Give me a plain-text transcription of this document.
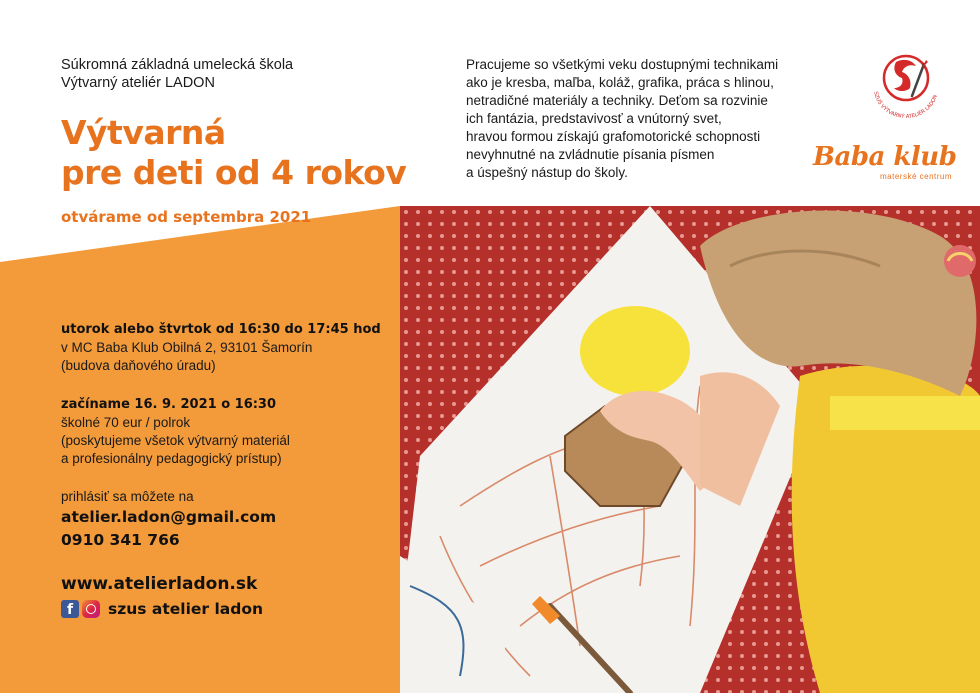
Súkromná základná umelecká škola
Výtvarný ateliér LADON
Výtvarná
pre deti od 4 rokov
otvárame od septembra 2021
Pracujeme so všetkými veku dostupnými technikami
ako je kresba, maľba, koláž, grafika, práca s hlinou,
netradičné materiály a techniky. Deťom sa rozvinie
ich fantázia, predstavivosť a vnútorný svet,
hravou formou získajú grafomotorické schopnosti
nevyhnutné na zvládnutie písania písmen
a úspešný nástup do školy.
SZUŠ VÝTVARNÝ ATELIÉR LADON
Baba klub
materské centrum
utorok alebo štvrtok od 16:30 do 17:45 hod
v MC Baba Klub Obilná 2, 93101 Šamorín
(budova daňového úradu)
začíname 16. 9. 2021 o 16:30
školné 70 eur / polrok
(poskytujeme všetok výtvarný materiál
a profesionálny pedagogický prístup)
prihlásiť sa môžete na
atelier.ladon@gmail.com
0910 341 766
www.atelierladon.sk
f	szus atelier ladon
